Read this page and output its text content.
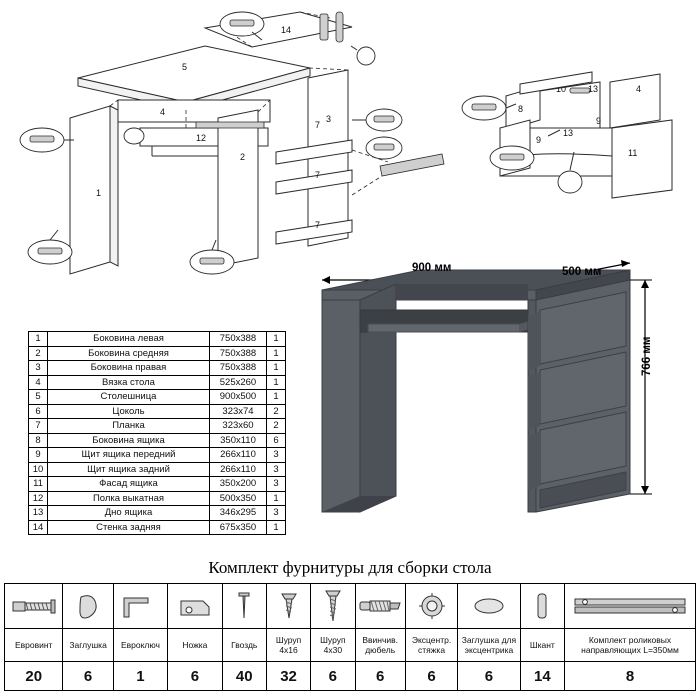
5
14
1
4
12
2
3
7
7
7
8
10	4
9
9
13
11
13
1	Боковина левая	750х388	1
2	Боковина средняя	750х388	1
3	Боковина правая	750х388	1
4	Вязка стола	525х260	1
5	Столешница	900х500	1
6	Цоколь	323х74	2
7	Планка	323х60	2
8	Боковина ящика	350х110	6
9	Щит ящика передний	266х110	3
10	Щит ящика задний	266х110	3
11	Фасад ящика	350х200	3
12	Полка выкатная	500х350	1
13	Дно ящика	346х295	3
14	Стенка задняя	675х350	1
900 мм	500 мм
766 мм
Комплект фурнитуры для сборки стола

Евровинт	Заглушка	Евроключ	Ножка	Гвоздь	Шуруп 4х16	Шуруп 4х30	Ввинчив. дюбель	Эксцентр. стяжка	Заглушка для эксцентрика	Шкант	Комплект роликовых направляющих L=350мм
20	6	1	6	40	32	6	6	6	6	14	8
